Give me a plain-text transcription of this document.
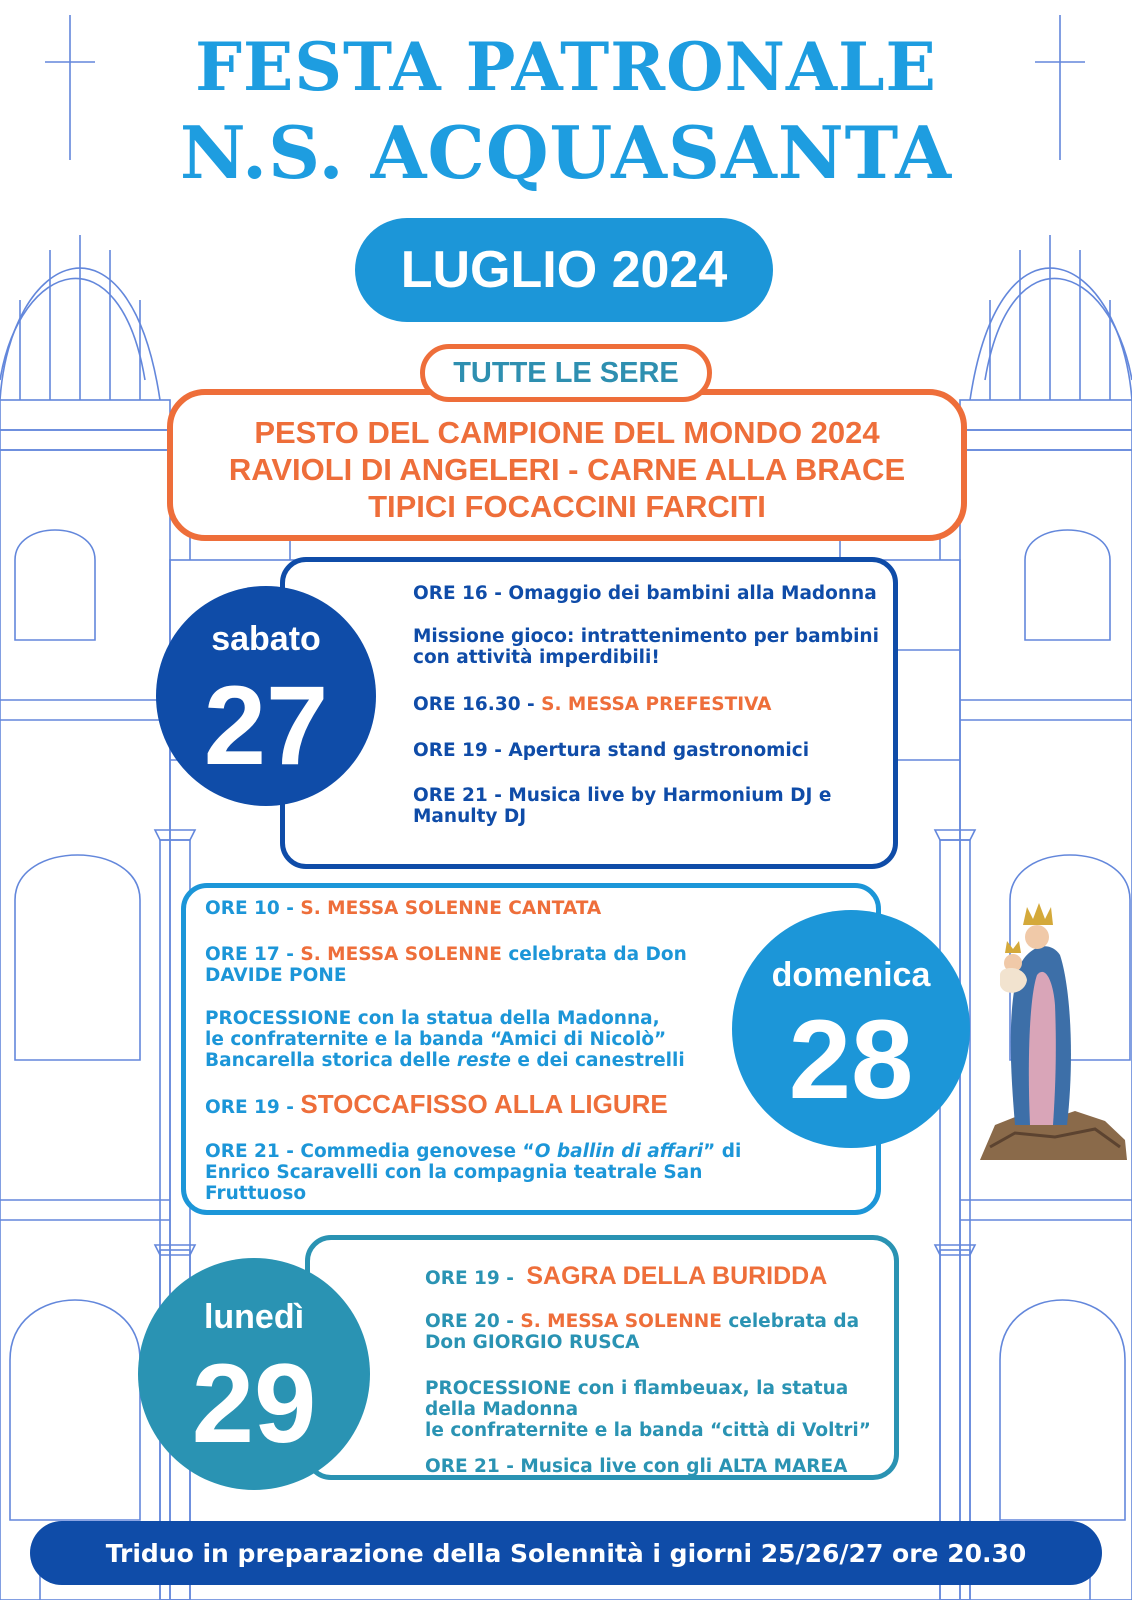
FESTA PATRONALE
N.S. ACQUASANTA
LUGLIO 2024
PESTO DEL CAMPIONE DEL MONDO 2024
RAVIOLI DI ANGELERI - CARNE ALLA BRACE
TIPICI FOCACCINI FARCITI
TUTTE LE SERE
ORE 16 - Omaggio dei bambini alla Madonna
Missione gioco: intrattenimento per bambini
con attività imperdibili!
ORE 16.30 - S. MESSA PREFESTIVA
ORE 19 - Apertura stand gastronomici
ORE 21 - Musica live by Harmonium DJ e
Manulty DJ
sabato
27
ORE 10 - S. MESSA SOLENNE CANTATA
ORE 17 - S. MESSA SOLENNE celebrata da Don
DAVIDE PONE
PROCESSIONE con la statua della Madonna,
le confraternite e la banda “Amici di Nicolò”
Bancarella storica delle reste e dei canestrelli
ORE 19 - STOCCAFISSO ALLA LIGURE
ORE 21 - Commedia genovese “O ballin di affari” di
Enrico Scaravelli con la compagnia teatrale San
Fruttuoso
domenica
28
ORE 19 - SAGRA DELLA BURIDDA
ORE 20 - S. MESSA SOLENNE celebrata da
Don GIORGIO RUSCA
PROCESSIONE con i flambeuax, la statua
della Madonna
le confraternite e la banda “città di Voltri”
ORE 21 - Musica live con gli ALTA MAREA
lunedì
29
Triduo in preparazione della Solennità i giorni 25/26/27 ore 20.30
